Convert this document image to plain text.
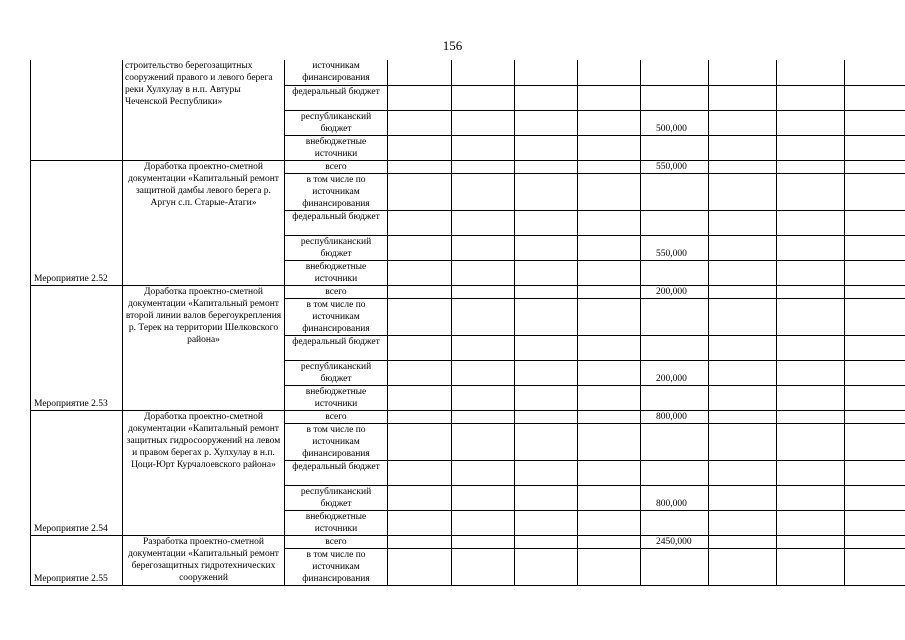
156
	строительство берегозащитных сооружений правого и левого берега реки Хулхулау в н.п. Автуры Чеченской Республики»	источникам финансирования								
		федеральный бюджет								
		республиканский бюджет					500,000			
		внебюджетные источники								
Мероприятие 2.52	Доработка проектно-сметной документации «Капитальный ремонт защитной дамбы левого берега р. Аргун с.п. Старые-Атаги»	всего					550,000			
		в том числе по источникам финансирования								
		федеральный бюджет								
		республиканский бюджет					550,000			
		внебюджетные источники								
Мероприятие 2.53	Доработка проектно-сметной документации «Капитальный ремонт второй линии валов берегоукрепления р. Терек на территории Шелковского района»	всего					200,000			
		в том числе по источникам финансирования								
		федеральный бюджет								
		республиканский бюджет					200,000			
		внебюджетные источники								
Мероприятие 2.54	Доработка проектно-сметной документации «Капитальный ремонт защитных гидросооружений на левом и правом берегах р. Хулхулау в н.п. Цоци-Юрт Курчалоевского района»	всего					800,000			
		в том числе по источникам финансирования								
		федеральный бюджет								
		республиканский бюджет					800,000			
		внебюджетные источники								
Мероприятие 2.55	Разработка проектно-сметной документации «Капитальный ремонт берегозащитных гидротехнических сооружений	всего					2450,000			
		в том числе по источникам финансирования								
